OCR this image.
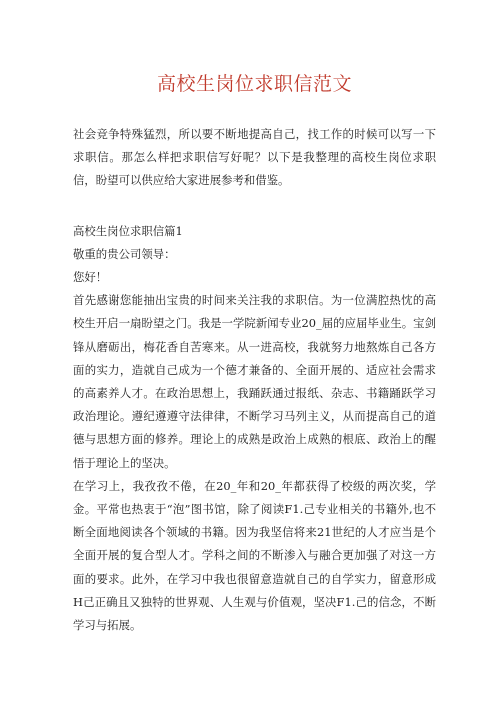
高校生岗位求职信范文

社会竞争特殊猛烈，所以要不断地提高自己，找工作的时候可以写一下求职信。那怎么样把求职信写好呢？以下是我整理的高校生岗位求职信，盼望可以供应给大家进展参考和借鉴。

高校生岗位求职信篇1

敬重的贵公司领导：

您好！

首先感谢您能抽出宝贵的时间来关注我的求职信。为一位满腔热忱的高校生开启一扇盼望之门。我是一学院新闻专业20_届的应届毕业生。宝剑锋从磨砺出，梅花香自苦寒来。从一进高校，我就努力地熬炼自己各方面的实力，造就自己成为一个德才兼备的、全面开展的、适应社会需求的高素养人才。在政治思想上，我踊跃通过报纸、杂志、书籍踊跃学习政治理论。遵纪遵遵守法律律，不断学习马列主义，从而提高自己的道德与思想方面的修养。理论上的成熟是政治上成熟的根底、政治上的醒悟于理论上的坚决。

在学习上，我孜孜不倦，在20_年和20_年都获得了校级的两次奖，学金。平常也热衷于“泡”图书馆，除了阅读F1.己专业相关的书籍外,也不断全面地阅读各个领域的书籍。因为我坚信将来21世纪的人才应当是个全面开展的复合型人才。学科之间的不断渗入与融合更加强了对这一方面的要求。此外，在学习中我也很留意造就自己的自学实力，留意形成H己正确且又独特的世界观、人生观与价值观，坚决F1.己的信念，不断学习与拓展。
